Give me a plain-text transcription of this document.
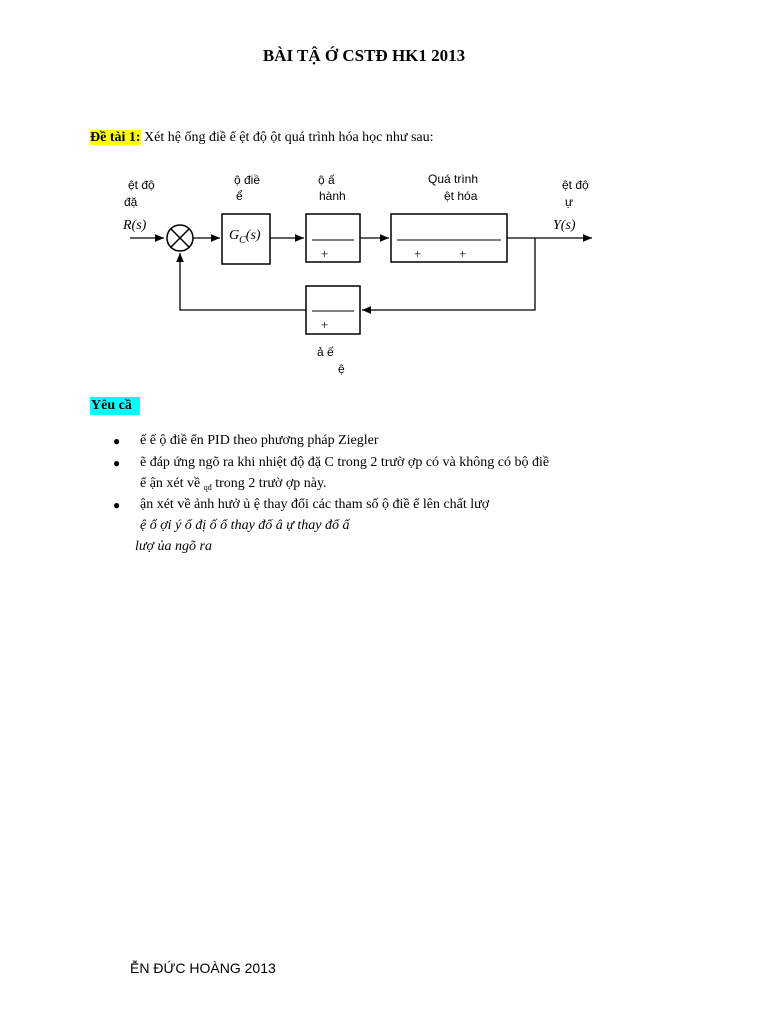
BÀI TẬ Ớ CSTĐ HK1 2013
Đề tài 1: Xét hệ ống điề ể ệt độ ột quá trình hóa học như sau:
ệt độ
đặ
ộ điề
ể
ộ ấ
hành
Quá trình
ệt hóa
ệt độ
ự
ả ế
ệ
R(s)	Y(s)
$G_C(s)$
+	+	+
+
Yêu cầ
● ế ế ộ điề ển PID theo phương pháp Ziegler
● ẽ đáp ứng ngõ ra khi nhiệt độ đặ C trong 2 trườ ợp có và không có bộ điề
ể ận xét về $_{qđ}$ trong 2 trườ ợp này.
● ận xét về ảnh hưở ủ ệ thay đổi các tham số ộ điề ể lên chất lượ
ệ ố ợi ý ổ đị ố ổ thay đổ â ự thay đổ ấ
lượ ủa ngõ ra
ỄN ĐỨC HOÀNG 2013
